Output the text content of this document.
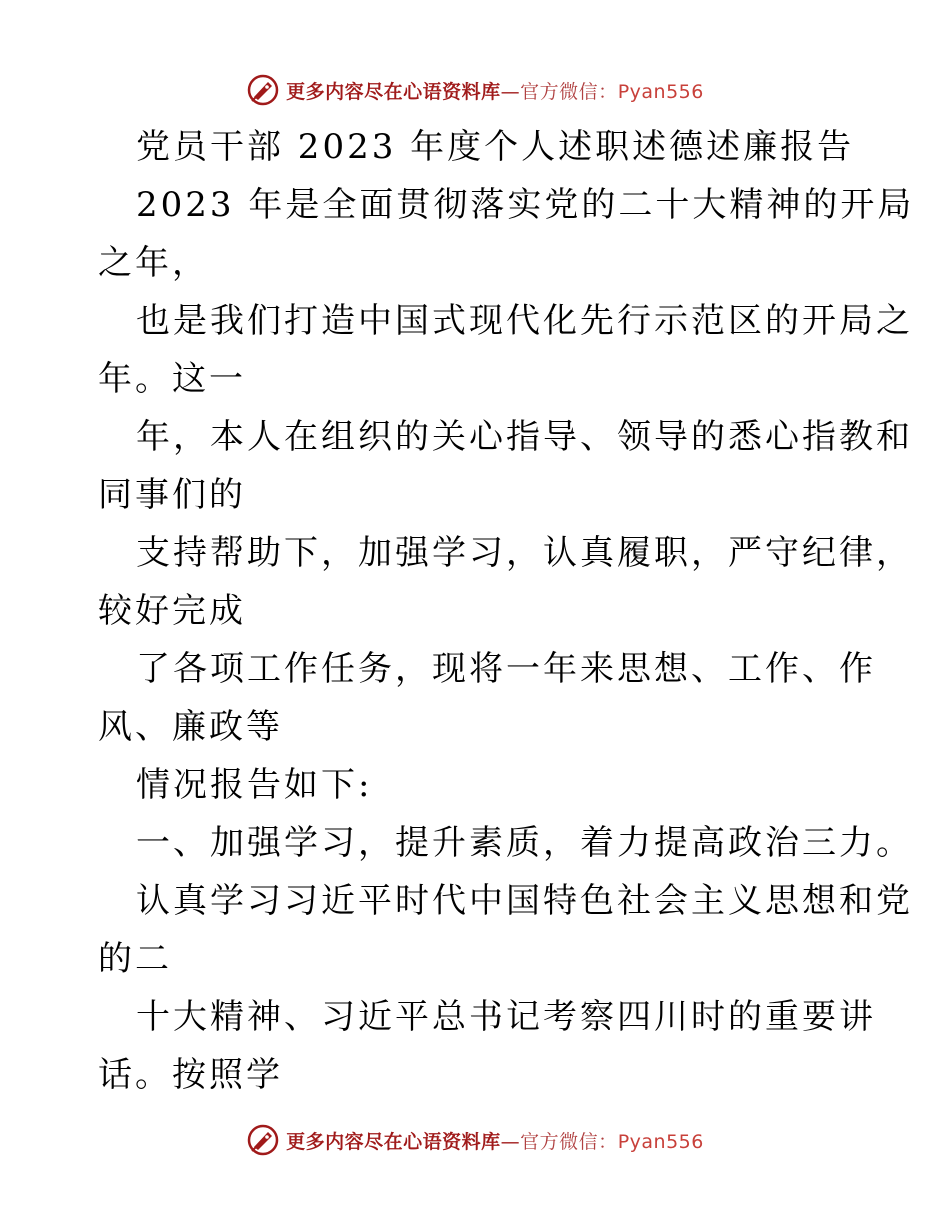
更多内容尽在心语资料库—官方微信：Pyan556
党员干部 2023 年度个人述职述德述廉报告
2023 年是全面贯彻落实党的二十大精神的开局
之年，
也是我们打造中国式现代化先行示范区的开局之
年。这一
年，本人在组织的关心指导、领导的悉心指教和
同事们的
支持帮助下，加强学习，认真履职，严守纪律，
较好完成
了各项工作任务，现将一年来思想、工作、作
风、廉政等
情况报告如下:
一、加强学习，提升素质，着力提高政治三力。
认真学习习近平时代中国特色社会主义思想和党
的二
十大精神、习近平总书记考察四川时的重要讲
话。按照学
更多内容尽在心语资料库—官方微信：Pyan556
